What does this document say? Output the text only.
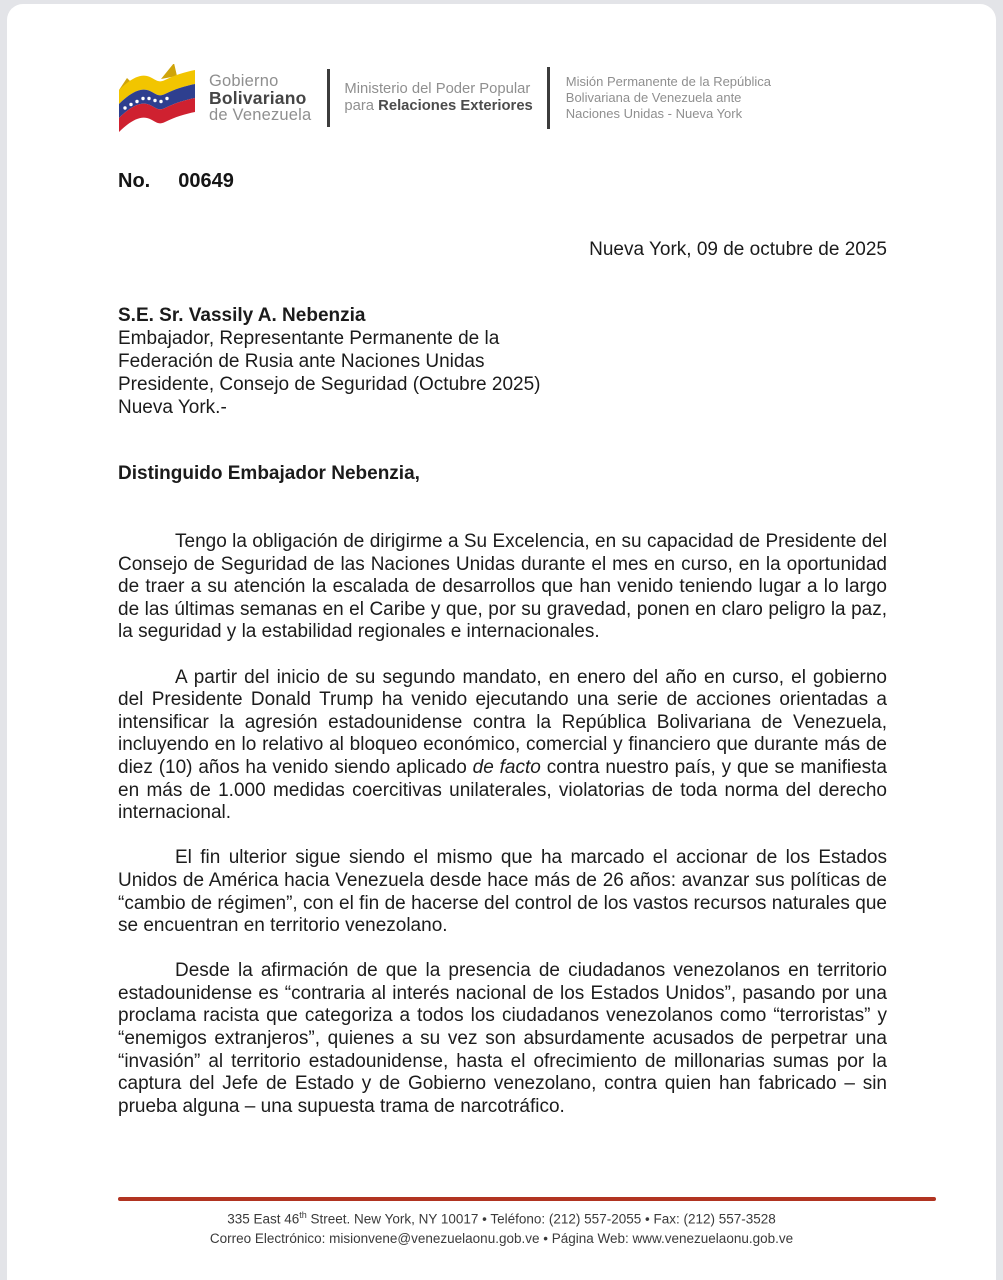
Gobierno
Bolivariano
de Venezuela
Ministerio del Poder Popular
para Relaciones Exteriores
Misión Permanente de la República
Bolivariana de Venezuela ante
Naciones Unidas - Nueva York
No. 00649
Nueva York, 09 de octubre de 2025
S.E. Sr. Vassily A. Nebenzia
Embajador, Representante Permanente de la
Federación de Rusia ante Naciones Unidas
Presidente, Consejo de Seguridad (Octubre 2025)
Nueva York.-
Distinguido Embajador Nebenzia,

Tengo la obligación de dirigirme a Su Excelencia, en su capacidad de Presidente del Consejo de Seguridad de las Naciones Unidas durante el mes en curso, en la oportunidad de traer a su atención la escalada de desarrollos que han venido teniendo lugar a lo largo de las últimas semanas en el Caribe y que, por su gravedad, ponen en claro peligro la paz, la seguridad y la estabilidad regionales e internacionales.

A partir del inicio de su segundo mandato, en enero del año en curso, el gobierno del Presidente Donald Trump ha venido ejecutando una serie de acciones orientadas a intensificar la agresión estadounidense contra la República Bolivariana de Venezuela, incluyendo en lo relativo al bloqueo económico, comercial y financiero que durante más de diez (10) años ha venido siendo aplicado de facto contra nuestro país, y que se manifiesta en más de 1.000 medidas coercitivas unilaterales, violatorias de toda norma del derecho internacional.

El fin ulterior sigue siendo el mismo que ha marcado el accionar de los Estados Unidos de América hacia Venezuela desde hace más de 26 años: avanzar sus políticas de “cambio de régimen”, con el fin de hacerse del control de los vastos recursos naturales que se encuentran en territorio venezolano.

Desde la afirmación de que la presencia de ciudadanos venezolanos en territorio estadounidense es “contraria al interés nacional de los Estados Unidos”, pasando por una proclama racista que categoriza a todos los ciudadanos venezolanos como “terroristas” y “enemigos extranjeros”, quienes a su vez son absurdamente acusados de perpetrar una “invasión” al territorio estadounidense, hasta el ofrecimiento de millonarias sumas por la captura del Jefe de Estado y de Gobierno venezolano, contra quien han fabricado – sin prueba alguna – una supuesta trama de narcotráfico.

335 East 46th Street. New York, NY 10017 • Teléfono: (212) 557-2055 • Fax: (212) 557-3528
Correo Electrónico: misionvene@venezuelaonu.gob.ve • Página Web: www.venezuelaonu.gob.ve
